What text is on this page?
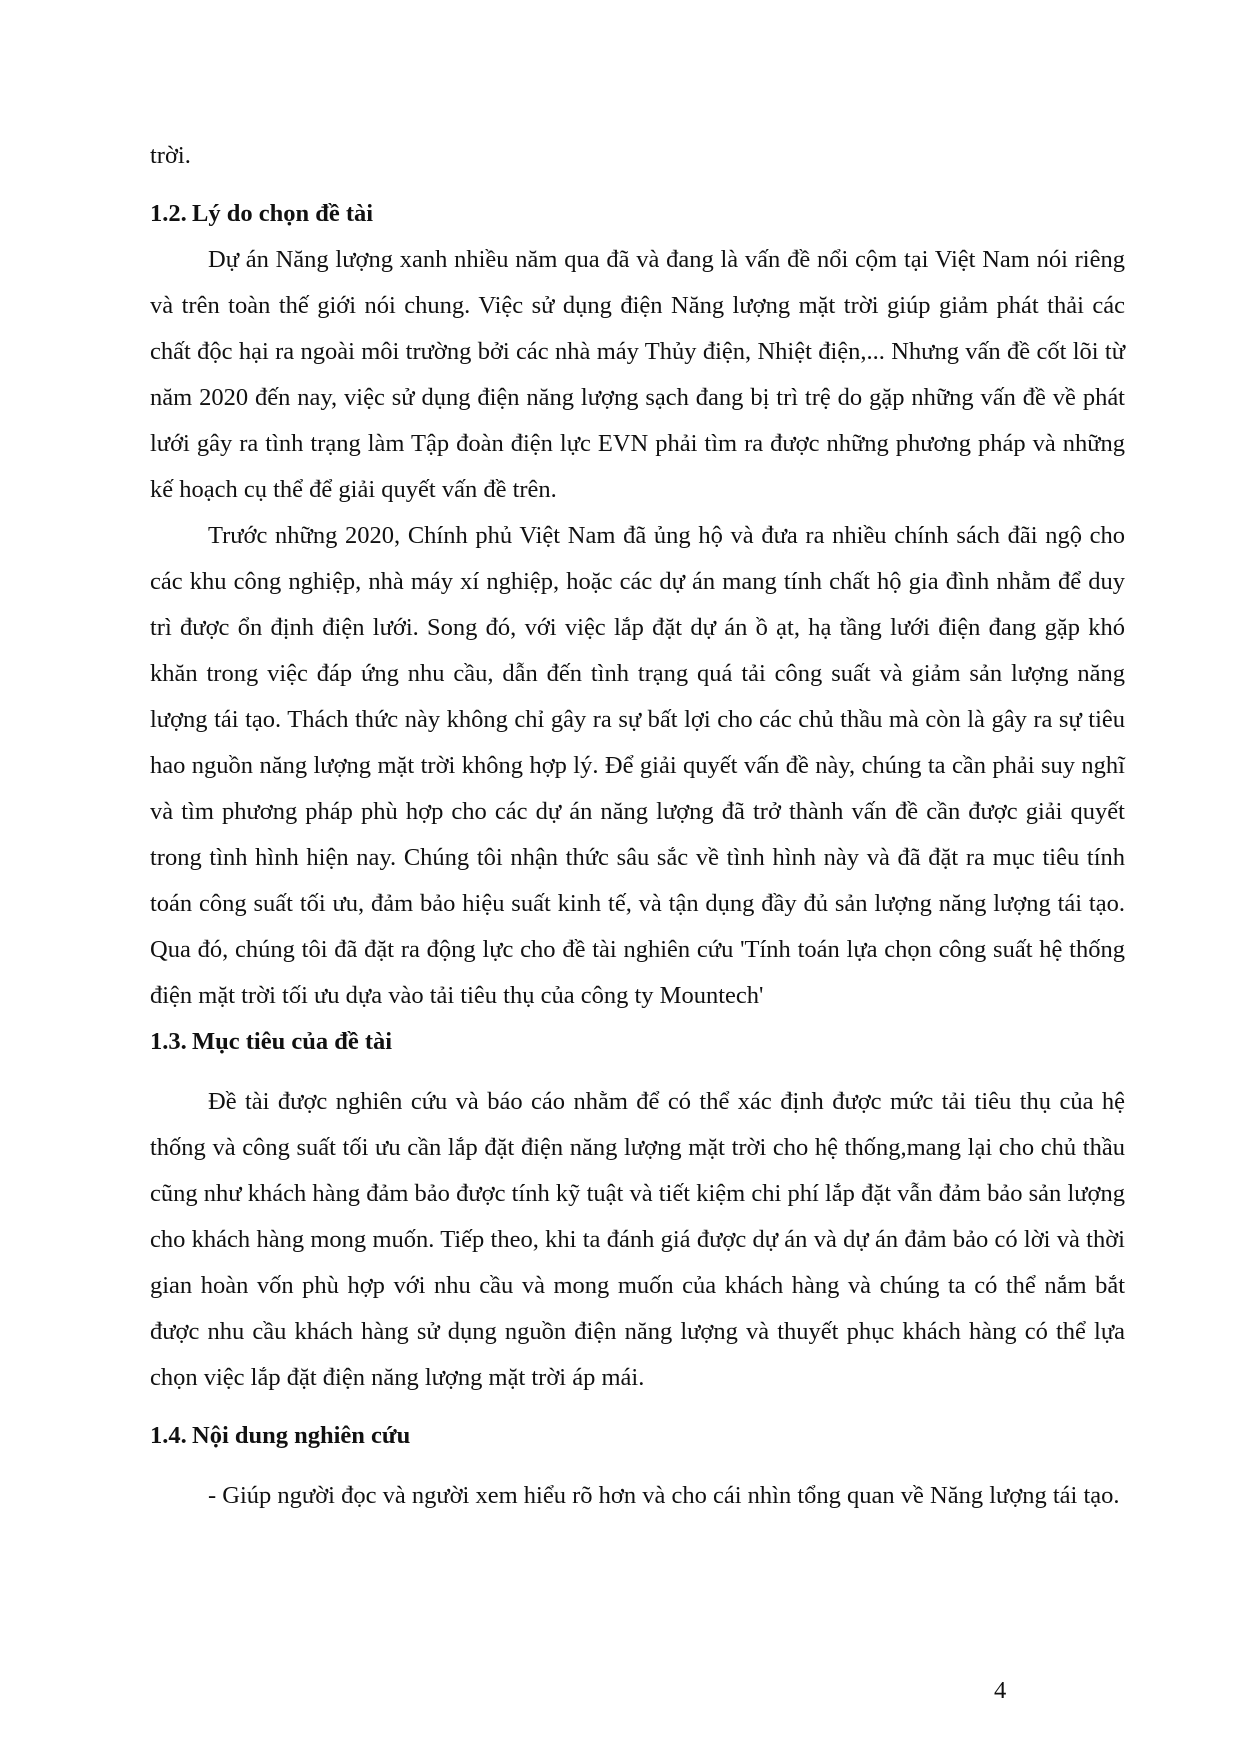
trời.

1.2. Lý do chọn đề tài

Dự án Năng lượng xanh nhiều năm qua đã và đang là vấn đề nổi cộm tại Việt Nam nói riêng và trên toàn thế giới nói chung. Việc sử dụng điện Năng lượng mặt trời giúp giảm phát thải các chất độc hại ra ngoài môi trường bởi các nhà máy Thủy điện, Nhiệt điện,... Nhưng vấn đề cốt lõi từ năm 2020 đến nay, việc sử dụng điện năng lượng sạch đang bị trì trệ do gặp những vấn đề về phát lưới gây ra tình trạng làm Tập đoàn điện lực EVN phải tìm ra được những phương pháp và những kế hoạch cụ thể để giải quyết vấn đề trên.

Trước những 2020, Chính phủ Việt Nam đã ủng hộ và đưa ra nhiều chính sách đãi ngộ cho các khu công nghiệp, nhà máy xí nghiệp, hoặc các dự án mang tính chất hộ gia đình nhằm để duy trì được ổn định điện lưới. Song đó, với việc lắp đặt dự án ồ ạt, hạ tầng lưới điện đang gặp khó khăn trong việc đáp ứng nhu cầu, dẫn đến tình trạng quá tải công suất và giảm sản lượng năng lượng tái tạo. Thách thức này không chỉ gây ra sự bất lợi cho các chủ thầu mà còn là gây ra sự tiêu hao nguồn năng lượng mặt trời không hợp lý. Để giải quyết vấn đề này, chúng ta cần phải suy nghĩ và tìm phương pháp phù hợp cho các dự án năng lượng đã trở thành vấn đề cần được giải quyết trong tình hình hiện nay. Chúng tôi nhận thức sâu sắc về tình hình này và đã đặt ra mục tiêu tính toán công suất tối ưu, đảm bảo hiệu suất kinh tế, và tận dụng đầy đủ sản lượng năng lượng tái tạo. Qua đó, chúng tôi đã đặt ra động lực cho đề tài nghiên cứu 'Tính toán lựa chọn công suất hệ thống điện mặt trời tối ưu dựa vào tải tiêu thụ của công ty Mountech'

1.3. Mục tiêu của đề tài

Đề tài được nghiên cứu và báo cáo nhằm để có thể xác định được mức tải tiêu thụ của hệ thống và công suất tối ưu cần lắp đặt điện năng lượng mặt trời cho hệ thống,mang lại cho chủ thầu cũng như khách hàng đảm bảo được tính kỹ tuật và tiết kiệm chi phí lắp đặt vẫn đảm bảo sản lượng cho khách hàng mong muốn. Tiếp theo, khi ta đánh giá được dự án và dự án đảm bảo có lời và thời gian hoàn vốn phù hợp với nhu cầu và mong muốn của khách hàng và chúng ta có thể nắm bắt được nhu cầu khách hàng sử dụng nguồn điện năng lượng và thuyết phục khách hàng có thể lựa chọn việc lắp đặt điện năng lượng mặt trời áp mái.

1.4. Nội dung nghiên cứu

- Giúp người đọc và người xem hiểu rõ hơn và cho cái nhìn tổng quan về Năng lượng tái tạo.

4
